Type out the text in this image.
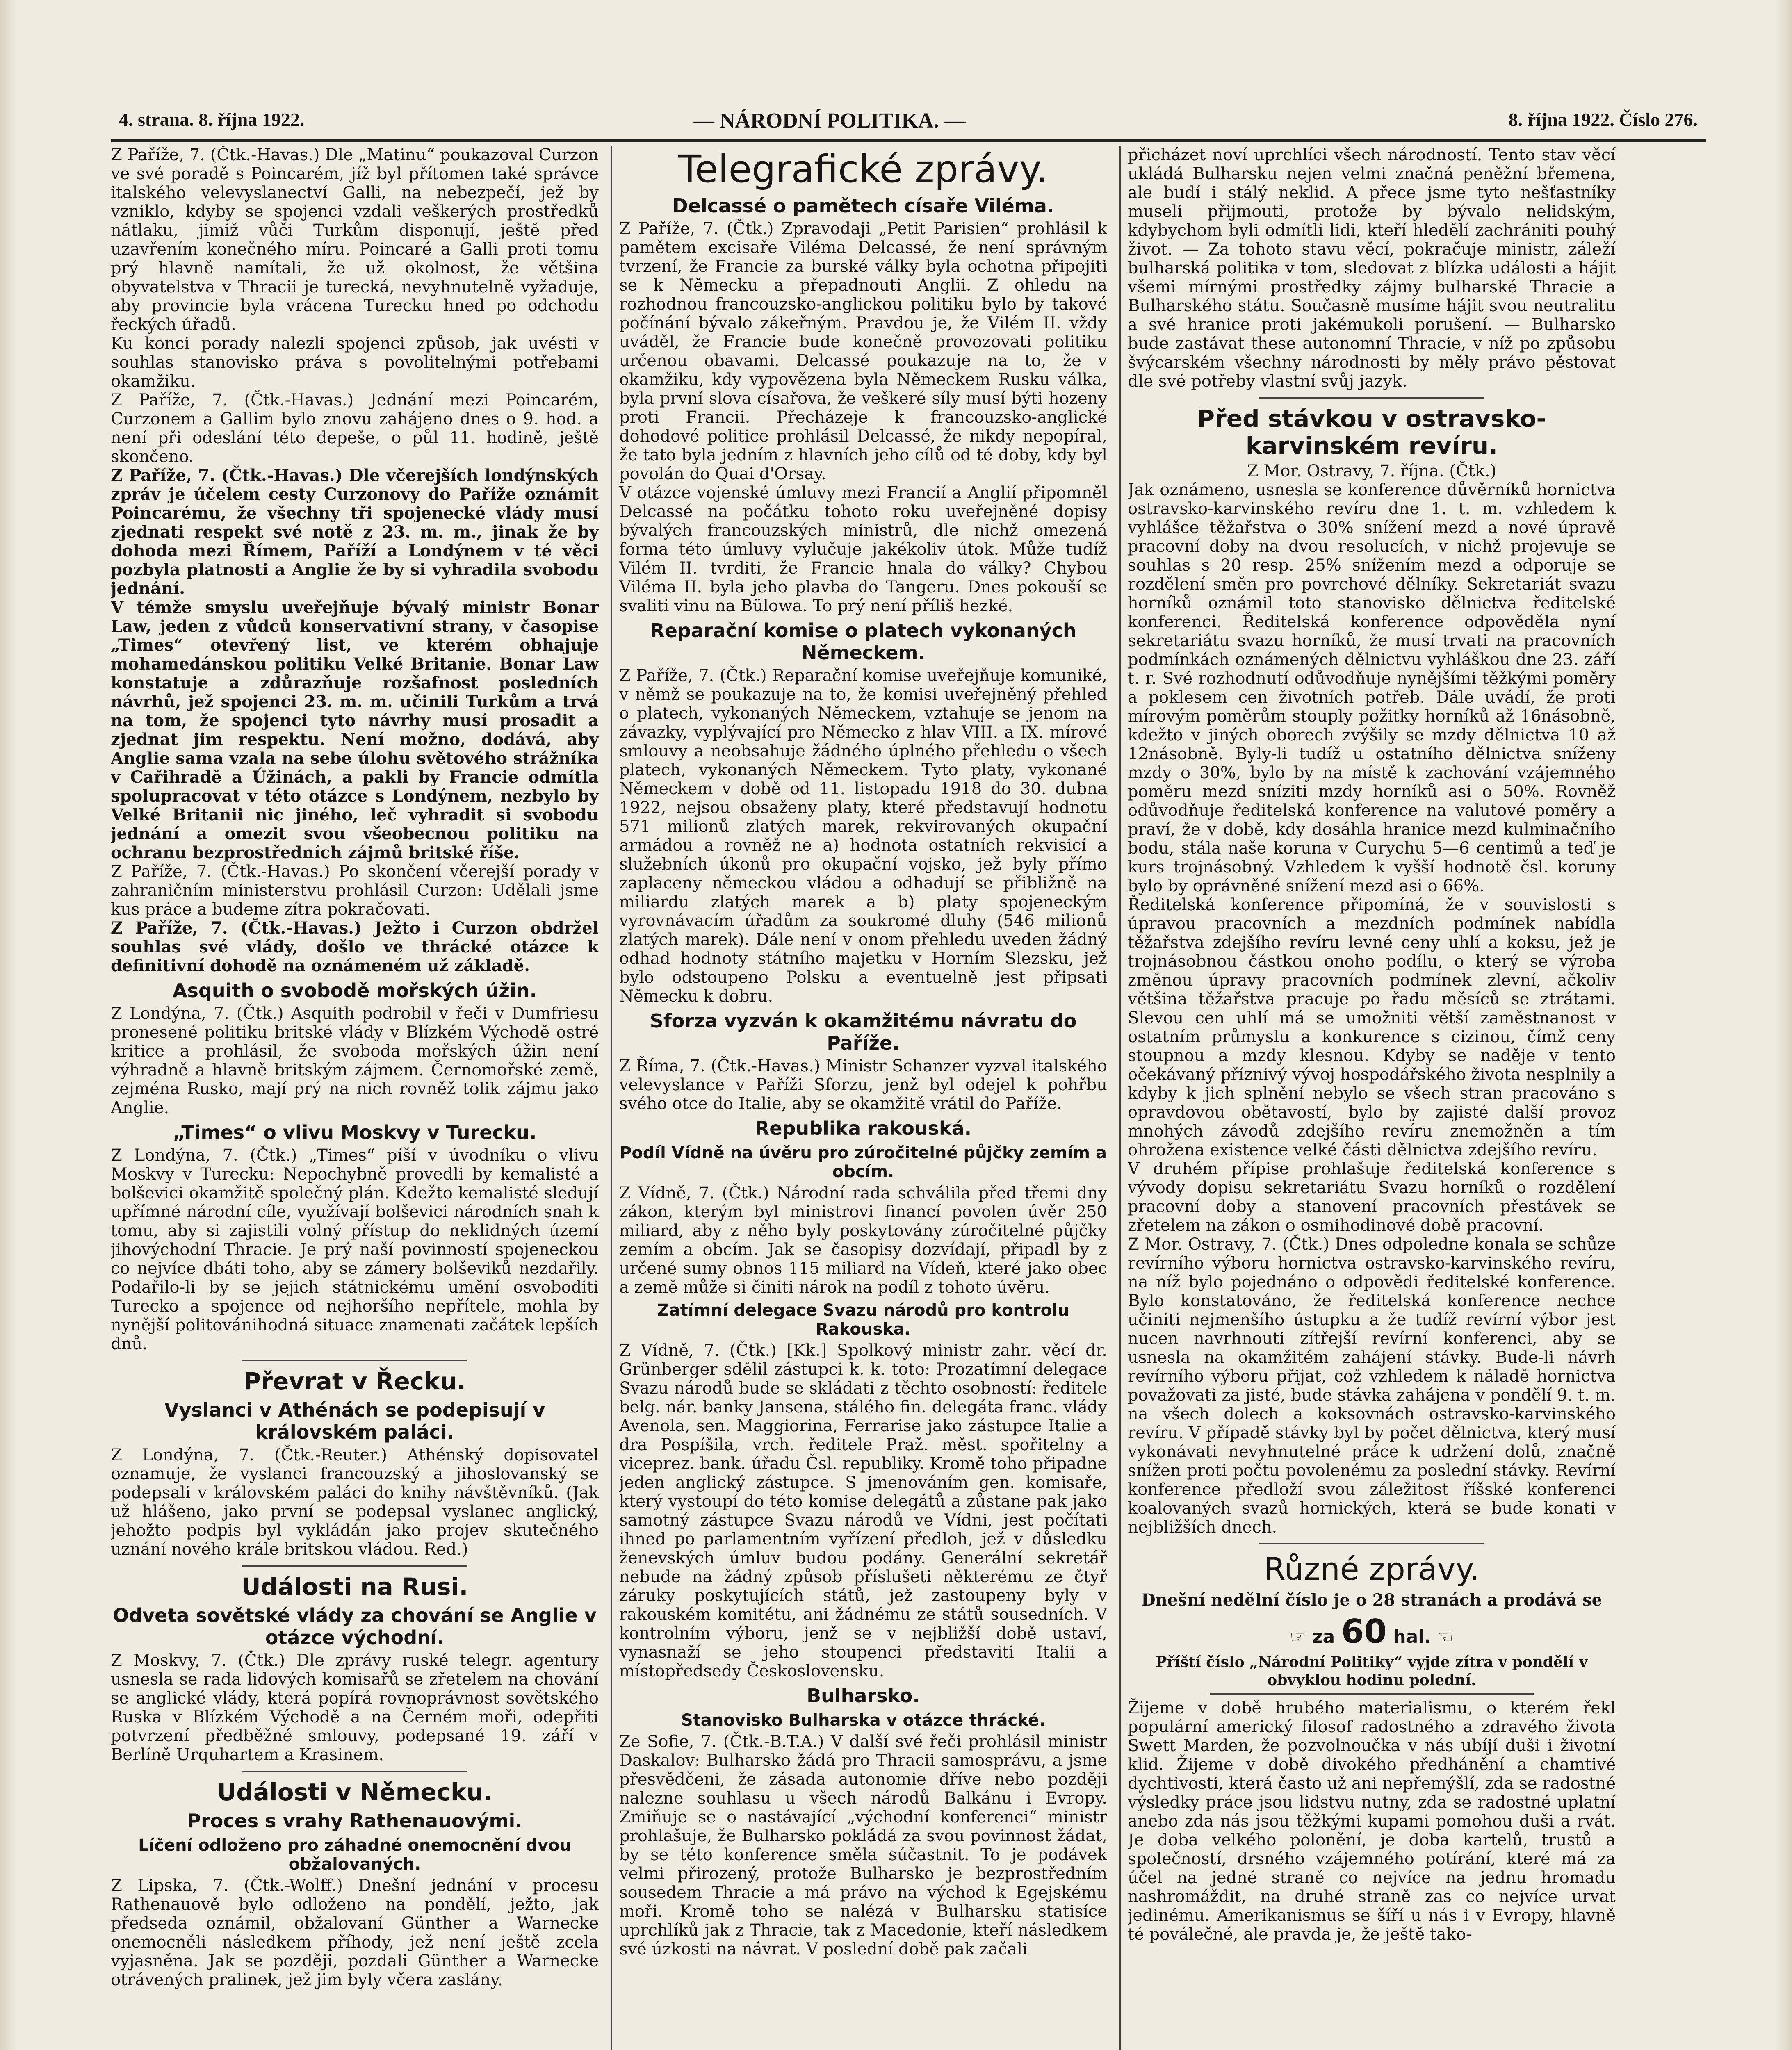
4. strana. 8. října 1922.	— NÁRODNÍ POLITIKA. —	8. října 1922. Číslo 276.

Z Paříže, 7. (Čtk.-Havas.) Dle „Matinu“ poukazoval Curzon ve své poradě s Poincarém, jíž byl přítomen také správce italského velevyslanectví Galli, na nebezpečí, jež by vzniklo, kdyby se spojenci vzdali veškerých prostředků nátlaku, jimiž vůči Turkům disponují, ještě před uzavřením konečného míru. Poincaré a Galli proti tomu prý hlavně namítali, že už okolnost, že většina obyvatelstva v Thracii je turecká, nevyhnutelně vyžaduje, aby provincie byla vrácena Turecku hned po odchodu řeckých úřadů.

Ku konci porady nalezli spojenci způsob, jak uvésti v souhlas stanovisko práva s povolitelnými potřebami okamžiku.

Z Paříže, 7. (Čtk.-Havas.) Jednání mezi Poincarém, Curzonem a Gallim bylo znovu zahájeno dnes o 9. hod. a není při odeslání této depeše, o půl 11. hodině, ještě skončeno.

Z Paříže, 7. (Čtk.-Havas.) Dle včerejších londýnských zpráv je účelem cesty Curzonovy do Paříže oznámit Poincarému, že všechny tři spojenecké vlády musí zjednati respekt své notě z 23. m. m., jinak že by dohoda mezi Římem, Paříží a Londýnem v té věci pozbyla platnosti a Anglie že by si vyhradila svobodu jednání.

V témže smyslu uveřejňuje bývalý ministr Bonar Law, jeden z vůdců konservativní strany, v časopise „Times“ otevřený list, ve kterém obhajuje mohamedánskou politiku Velké Britanie. Bonar Law konstatuje a zdůrazňuje rozšafnost posledních návrhů, jež spojenci 23. m. m. učinili Turkům a trvá na tom, že spojenci tyto návrhy musí prosadit a zjednat jim respektu. Není možno, dodává, aby Anglie sama vzala na sebe úlohu světového strážníka v Cařihradě a Úžinách, a pakli by Francie odmítla spolupracovat v této otázce s Londýnem, nezbylo by Velké Britanii nic jiného, leč vyhradit si svobodu jednání a omezit svou všeobecnou politiku na ochranu bezprostředních zájmů britské říše.

Z Paříže, 7. (Čtk.-Havas.) Po skončení včerejší porady v zahraničním ministerstvu prohlásil Curzon: Udělali jsme kus práce a budeme zítra pokračovati.

Z Paříže, 7. (Čtk.-Havas.) Ježto i Curzon obdržel souhlas své vlády, došlo ve thrácké otázce k definitivní dohodě na oznámeném už základě.

Asquith o svobodě mořských úžin.

Z Londýna, 7. (Čtk.) Asquith podrobil v řeči v Dumfriesu pronesené politiku britské vlády v Blízkém Východě ostré kritice a prohlásil, že svoboda mořských úžin není výhradně a hlavně britským zájmem. Černomořské země, zejména Rusko, mají prý na nich rovněž tolik zájmu jako Anglie.

„Times“ o vlivu Moskvy v Turecku.

Z Londýna, 7. (Čtk.) „Times“ píší v úvodníku o vlivu Moskvy v Turecku: Nepochybně provedli by kemalisté a bolševici okamžitě společný plán. Kdežto kemalisté sledují upřímné národní cíle, využívají bolševici národních snah k tomu, aby si zajistili volný přístup do neklidných území jihovýchodní Thracie. Je prý naší povinností spojeneckou co nejvíce dbáti toho, aby se zámery bolševiků nezdařily. Podařilo-li by se jejich státnickému umění osvoboditi Turecko a spojence od nejhoršího nepřítele, mohla by nynější politovánihodná situace znamenati začátek lepších dnů.

Převrat v Řecku.
Vyslanci v Athénách se podepisují v královském paláci.

Z Londýna, 7. (Čtk.-Reuter.) Athénský dopisovatel oznamuje, že vyslanci francouzský a jihoslovanský se podepsali v královském paláci do knihy návštěvníků. (Jak už hlášeno, jako první se podepsal vyslanec anglický, jehožto podpis byl vykládán jako projev skutečného uznání nového krále britskou vládou. Red.)

Události na Rusi.
Odveta sovětské vlády za chování se Anglie v otázce východní.

Z Moskvy, 7. (Čtk.) Dle zprávy ruské telegr. agentury usnesla se rada lidových komisařů se zřetelem na chování se anglické vlády, která popírá rovnoprávnost sovětského Ruska v Blízkém Východě a na Černém moři, odepřiti potvrzení předběžné smlouvy, podepsané 19. září v Berlíně Urquhartem a Krasinem.

Události v Německu.
Proces s vrahy Rathenauovými.
Líčení odloženo pro záhadné onemocnění dvou obžalovaných.

Z Lipska, 7. (Čtk.-Wolff.) Dnešní jednání v procesu Rathenauově bylo odloženo na pondělí, ježto, jak předseda oznámil, obžalovaní Günther a Warnecke onemocněli následkem příhody, jež není ještě zcela vyjasněna. Jak se později, pozdali Günther a Warnecke otrávených pralinek, jež jim byly včera zaslány.

Telegrafické zprávy.
Delcassé o pamětech císaře Viléma.

Z Paříže, 7. (Čtk.) Zpravodaji „Petit Parisien“ prohlásil k pamětem excisaře Viléma Delcassé, že není správným tvrzení, že Francie za burské války byla ochotna připojiti se k Německu a přepadnouti Anglii. Z ohledu na rozhodnou francouzsko-anglickou politiku bylo by takové počínání bývalo zákeřným. Pravdou je, že Vilém II. vždy uváděl, že Francie bude konečně provozovati politiku určenou obavami. Delcassé poukazuje na to, že v okamžiku, kdy vypovězena byla Německem Rusku válka, byla první slova císařova, že veškeré síly musí býti hozeny proti Francii. Přecházeje k francouzsko-anglické dohodové politice prohlásil Delcassé, že nikdy nepopíral, že tato byla jedním z hlavních jeho cílů od té doby, kdy byl povolán do Quai d'Orsay.

V otázce vojenské úmluvy mezi Francií a Anglií připomněl Delcassé na počátku tohoto roku uveřejněné dopisy bývalých francouzských ministrů, dle nichž omezená forma této úmluvy vylučuje jakékoliv útok. Může tudíž Vilém II. tvrditi, že Francie hnala do války? Chybou Viléma II. byla jeho plavba do Tangeru. Dnes pokouší se svaliti vinu na Bülowa. To prý není příliš hezké.

Reparační komise o platech vykonaných Německem.

Z Paříže, 7. (Čtk.) Reparační komise uveřejňuje komuniké, v němž se poukazuje na to, že komisi uveřejněný přehled o platech, vykonaných Německem, vztahuje se jenom na závazky, vyplývající pro Německo z hlav VIII. a IX. mírové smlouvy a neobsahuje žádného úplného přehledu o všech platech, vykonaných Německem. Tyto platy, vykonané Německem v době od 11. listopadu 1918 do 30. dubna 1922, nejsou obsaženy platy, které představují hodnotu 571 milionů zlatých marek, rekvirovaných okupační armádou a rovněž ne a) hodnota ostatních rekvisicí a služebních úkonů pro okupační vojsko, jež byly přímo zaplaceny německou vládou a odhadují se přibližně na miliardu zlatých marek a b) platy spojeneckým vyrovnávacím úřadům za soukromé dluhy (546 milionů zlatých marek). Dále není v onom přehledu uveden žádný odhad hodnoty státního majetku v Horním Slezsku, jež bylo odstoupeno Polsku a eventuelně jest připsati Německu k dobru.

Sforza vyzván k okamžitému návratu do Paříže.

Z Říma, 7. (Čtk.-Havas.) Ministr Schanzer vyzval italského velevyslance v Paříži Sforzu, jenž byl odejel k pohřbu svého otce do Italie, aby se okamžitě vrátil do Paříže.

Republika rakouská.
Podíl Vídně na úvěru pro zúročitelné půjčky zemím a obcím.

Z Vídně, 7. (Čtk.) Národní rada schválila před třemi dny zákon, kterým byl ministrovi financí povolen úvěr 250 miliard, aby z něho byly poskytovány zúročitelné půjčky zemím a obcím. Jak se časopisy dozvídají, připadl by z určené sumy obnos 115 miliard na Vídeň, které jako obec a země může si činiti nárok na podíl z tohoto úvěru.

Zatímní delegace Svazu národů pro kontrolu Rakouska.

Z Vídně, 7. (Čtk.) [Kk.] Spolkový ministr zahr. věcí dr. Grünberger sdělil zástupci k. k. toto: Prozatímní delegace Svazu národů bude se skládati z těchto osobností: ředitele belg. nár. banky Jansena, stálého fin. delegáta franc. vlády Avenola, sen. Maggiorina, Ferrarise jako zástupce Italie a dra Pospíšila, vrch. ředitele Praž. měst. spořitelny a viceprez. bank. úřadu Čsl. republiky. Kromě toho připadne jeden anglický zástupce. S jmenováním gen. komisaře, který vystoupí do této komise delegátů a zůstane pak jako samotný zástupce Svazu národů ve Vídni, jest počítati ihned po parlamentním vyřízení předloh, jež v důsledku ženevských úmluv budou podány. Generální sekretář nebude na žádný způsob příslušeti některému ze čtyř záruky poskytujících států, jež zastoupeny byly v rakouském komitétu, ani žádnému ze států sousedních. V kontrolním výboru, jenž se v nejbližší době ustaví, vynasnaží se jeho stoupenci představiti Italii a místopředsedy Československu.

Bulharsko.
Stanovisko Bulharska v otázce thrácké.

Ze Sofie, 7. (Čtk.-B.T.A.) V další své řeči prohlásil ministr Daskalov: Bulharsko žádá pro Thracii samosprávu, a jsme přesvědčeni, že zásada autonomie dříve nebo později nalezne souhlasu u všech národů Balkánu i Evropy. Zmiňuje se o nastávající „východní konferenci“ ministr prohlašuje, že Bulharsko pokládá za svou povinnost žádat, by se této konference směla súčastnit. To je podávek velmi přirozený, protože Bulharsko je bezprostředním sousedem Thracie a má právo na východ k Egejskému moři. Kromě toho se nalézá v Bulharsku statisíce uprchlíků jak z Thracie, tak z Macedonie, kteří následkem své úzkosti na návrat. V poslední době pak začali

přicházet noví uprchlíci všech národností. Tento stav věcí ukládá Bulharsku nejen velmi značná peněžní břemena, ale budí i stálý neklid. A přece jsme tyto nešťastníky museli přijmouti, protože by bývalo nelidským, kdybychom byli odmítli lidi, kteří hledělí zachrániti pouhý život. — Za tohoto stavu věcí, pokračuje ministr, záleží bulharská politika v tom, sledovat z blízka události a hájit všemi mírnými prostředky zájmy bulharské Thracie a Bulharského státu. Současně musíme hájit svou neutralitu a své hranice proti jakémukoli porušení. — Bulharsko bude zastávat these autonomní Thracie, v níž po způsobu švýcarském všechny národnosti by měly právo pěstovat dle své potřeby vlastní svůj jazyk.

Před stávkou v ostravsko-karvinském revíru.

Z Mor. Ostravy, 7. října. (Čtk.)

Jak oznámeno, usnesla se konference důvěrníků hornictva ostravsko-karvinského revíru dne 1. t. m. vzhledem k vyhlášce těžařstva o 30% snížení mezd a nové úpravě pracovní doby na dvou resolucích, v nichž projevuje se souhlas s 20 resp. 25% snížením mezd a odporuje se rozdělení směn pro povrchové dělníky. Sekretariát svazu horníků oznámil toto stanovisko dělnictva ředitelské konferenci. Ředitelská konference odpověděla nyní sekretariátu svazu horníků, že musí trvati na pracovních podmínkách oznámených dělnictvu vyhláškou dne 23. září t. r. Své rozhodnutí odůvodňuje nynějšími těžkými poměry a poklesem cen životních potřeb. Dále uvádí, že proti mírovým poměrům stouply požitky horníků až 16násobně, kdežto v jiných oborech zvýšily se mzdy dělnictva 10 až 12násobně. Byly-li tudíž u ostatního dělnictva sníženy mzdy o 30%, bylo by na místě k zachování vzájemného poměru mezd sníziti mzdy horníků asi o 50%. Rovněž odůvodňuje ředitelská konference na valutové poměry a praví, že v době, kdy dosáhla hranice mezd kulminačního bodu, stála naše koruna v Curychu 5—6 centimů a teď je kurs trojnásobný. Vzhledem k vyšší hodnotě čsl. koruny bylo by oprávněné snížení mezd asi o 66%.

Ředitelská konference připomíná, že v souvislosti s úpravou pracovních a mezdních podmínek nabídla těžařstva zdejšího revíru levné ceny uhlí a koksu, jež je trojnásobnou částkou onoho podílu, o který se výroba změnou úpravy pracovních podmínek zlevní, ačkoliv většina těžařstva pracuje po řadu měsíců se ztrátami. Slevou cen uhlí má se umožniti větší zaměstnanost v ostatním průmyslu a konkurence s cizinou, čímž ceny stoupnou a mzdy klesnou. Kdyby se naděje v tento očekávaný příznivý vývoj hospodářského života nesplnily a kdyby k jich splnění nebylo se všech stran pracováno s opravdovou obětavostí, bylo by zajisté další provoz mnohých závodů zdejšího revíru znemožněn a tím ohrožena existence velké části dělnictva zdejšího revíru.

V druhém přípise prohlašuje ředitelská konference s vývody dopisu sekretariátu Svazu horníků o rozdělení pracovní doby a stanovení pracovních přestávek se zřetelem na zákon o osmihodinové době pracovní.

Z Mor. Ostravy, 7. (Čtk.) Dnes odpoledne konala se schůze revírního výboru hornictva ostravsko-karvinského revíru, na níž bylo pojednáno o odpovědi ředitelské konference. Bylo konstatováno, že ředitelská konference nechce učiniti nejmenšího ústupku a že tudíž revírní výbor jest nucen navrhnouti zítřejší revírní konferenci, aby se usnesla na okamžitém zahájení stávky. Bude-li návrh revírního výboru přijat, což vzhledem k náladě hornictva považovati za jisté, bude stávka zahájena v pondělí 9. t. m. na všech dolech a koksovnách ostravsko-karvinského revíru. V případě stávky byl by počet dělnictva, který musí vykonávati nevyhnutelné práce k udržení dolů, značně snížen proti počtu povolenému za poslední stávky. Revírní konference předloží svou záležitost říšské konferenci koalovaných svazů hornických, která se bude konati v nejbližších dnech.

Různé zprávy.
Dnešní nedělní číslo je o 28 stranách a prodává se
☞ za 60 hal. ☜
Příští číslo „Národní Politiky“ vyjde zítra v pondělí v obvyklou hodinu polední.

Žijeme v době hrubého materialismu, o kterém řekl populární americký filosof radostného a zdravého života Swett Marden, že pozvolnoučka v nás ubíjí duši i životní klid. Žijeme v době divokého předhánění a chamtivé dychtivosti, která často už ani nepřemýšlí, zda se radostné výsledky práce jsou lidstvu nutny, zda se radostné uplatní anebo zda nás jsou těžkými kupami pomohou duši a rvát. Je doba velkého polonění, je doba kartelů, trustů a společností, drsného vzájemného potírání, které má za účel na jedné straně co nejvíce na jednu hromadu nashromáždit, na druhé straně zas co nejvíce urvat jedinému. Amerikanismus se šíří u nás i v Evropy, hlavně té poválečné, ale pravda je, že ještě tako-
